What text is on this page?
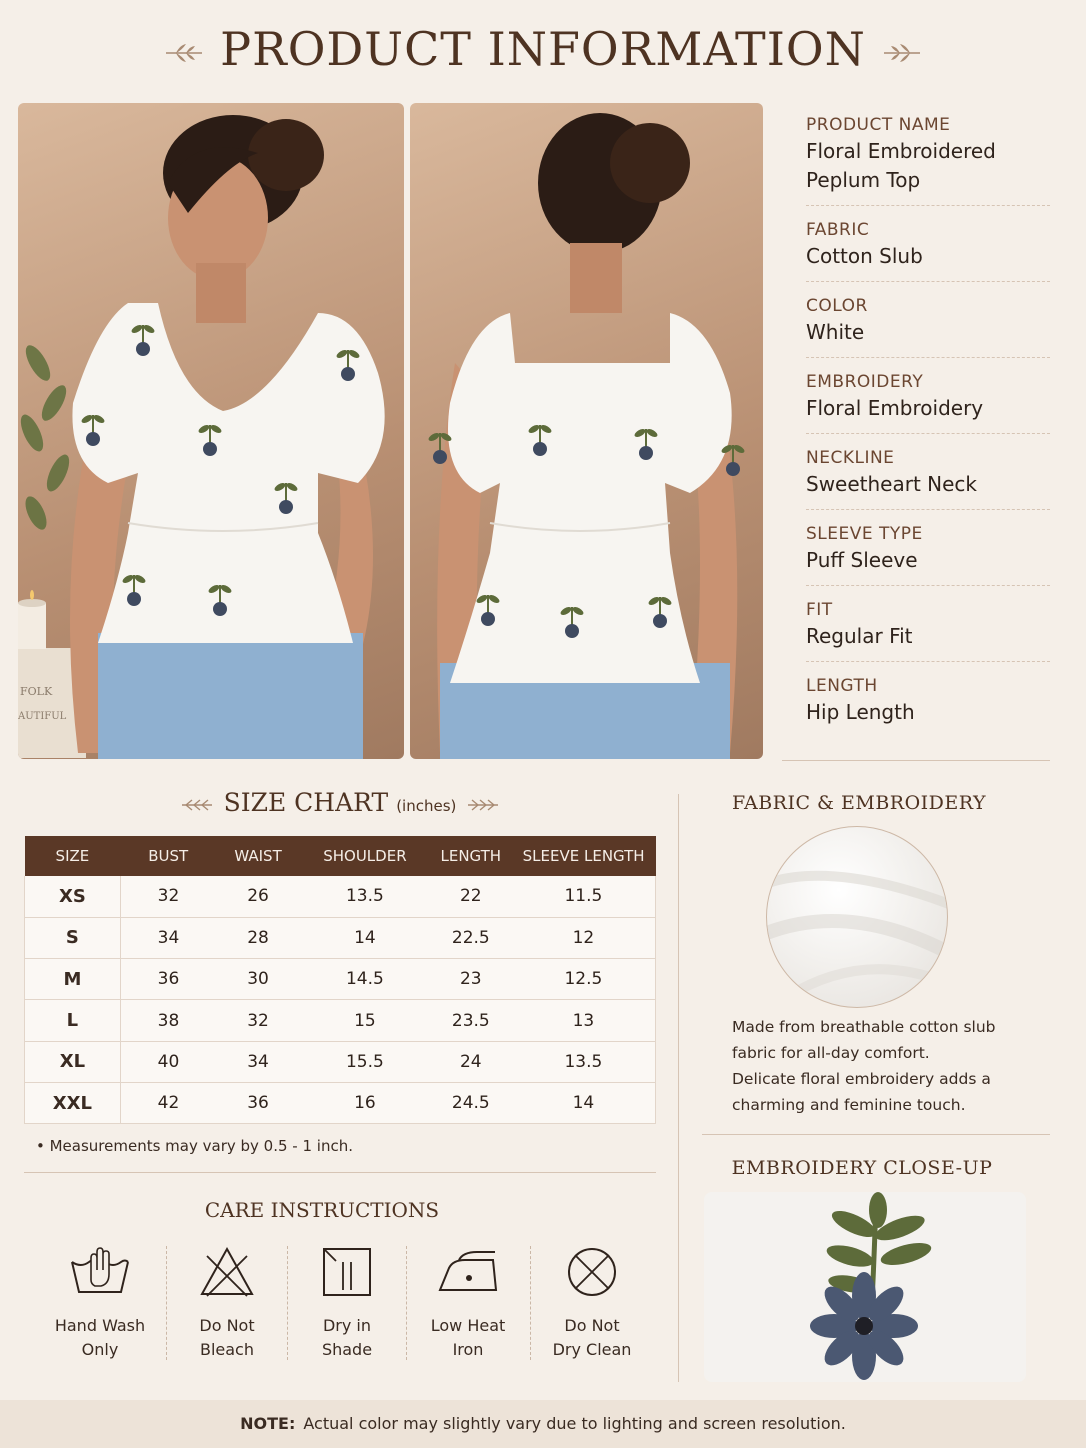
PRODUCT INFORMATION
FOLK
AUTIFUL
PRODUCT NAME
Floral Embroidered Peplum Top
FABRIC
Cotton Slub
COLOR
White
EMBROIDERY
Floral Embroidery
NECKLINE
Sweetheart Neck
SLEEVE TYPE
Puff Sleeve
FIT
Regular Fit
LENGTH
Hip Length
SIZE CHART (inches)
SIZE	BUST	WAIST	SHOULDER	LENGTH	SLEEVE LENGTH
XS	32	26	13.5	22	11.5
S	34	28	14	22.5	12
M	36	30	14.5	23	12.5
L	38	32	15	23.5	13
XL	40	34	15.5	24	13.5
XXL	42	36	16	24.5	14
• Measurements may vary by 0.5 - 1 inch.
CARE INSTRUCTIONS
Hand Wash
Only
Do Not
Bleach
Dry in
Shade
Low Heat
Iron
Do Not
Dry Clean
FABRIC & EMBROIDERY
Made from breathable cotton slub
fabric for all-day comfort.
Delicate floral embroidery adds a
charming and feminine touch.
EMBROIDERY CLOSE-UP
NOTE: Actual color may slightly vary due to lighting and screen resolution.
